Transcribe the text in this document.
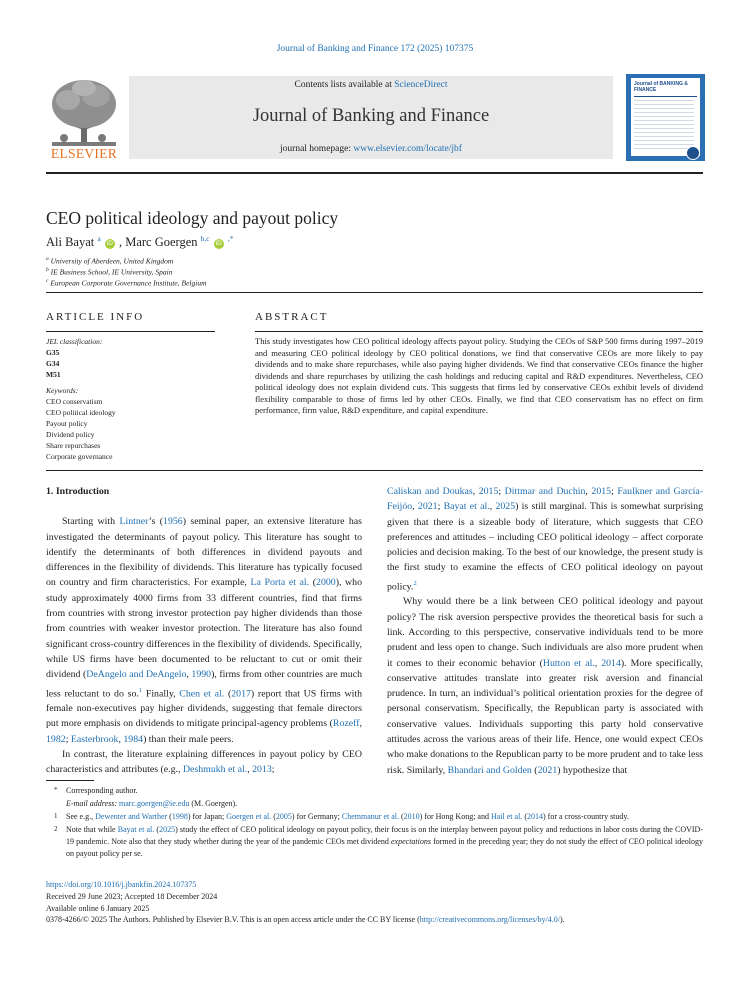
Journal of Banking and Finance 172 (2025) 107375
ELSEVIER
Contents lists available at ScienceDirect
Journal of Banking and Finance
journal homepage: www.elsevier.com/locate/jbf
Journal of BANKING & FINANCE
CEO political ideology and payout policy
Ali Bayat $^a$ iD , Marc Goergen $^{b,c}$ iD ,*
$^a$ University of Aberdeen, United Kingdom
$^b$ IE Business School, IE University, Spain
$^c$ European Corporate Governance Institute, Belgium
ARTICLE INFO
JEL classification:
G35
G34
M51
Keywords:
CEO conservatism
CEO political ideology
Payout policy
Dividend policy
Share repurchases
Corporate governance
ABSTRACT
This study investigates how CEO political ideology affects payout policy. Studying the CEOs of S&P 500 firms during 1997–2019 and measuring CEO political ideology by CEO political donations, we find that conservative CEOs are more likely to pay dividends and to make share repurchases, while also paying higher dividends. We find that conservative CEOs finance the higher dividends and share repurchases by utilizing the cash holdings and reducing capital and R&D expenditures. Nevertheless, CEO political ideology does not explain dividend cuts. This suggests that firms led by conservative CEOs exhibit levels of dividend flexibility comparable to those of firms led by other CEOs. Finally, we find that CEO conservatism has no effect on firm performance, firm value, R&D expenditure, and capital expenditure.
1. Introduction

Starting with Lintner’s (1956) seminal paper, an extensive literature has investigated the determinants of payout policy. This literature has sought to identify the determinants of both differences in dividend payouts and differences in the flexibility of dividends. This literature has typically focused on country and firm characteristics. For example, La Porta et al. (2000), who study approximately 4000 firms from 33 different countries, find that firms from countries with strong investor protection pay higher dividends than those from countries with weaker investor protection. The literature has also found significant cross-country differences in the flexibility of dividends. Specifically, while US firms have been documented to be reluctant to cut or omit their dividend (DeAngelo and DeAngelo, 1990), firms from other countries are much less reluctant to do so.$^1$ Finally, Chen et al. (2017) report that US firms with female non-executives pay higher dividends, suggesting that female directors put more emphasis on dividends to mitigate principal-agency problems (Rozeff, 1982; Easterbrook, 1984) than their male peers.

In contrast, the literature explaining differences in payout policy by CEO characteristics and attributes (e.g., Deshmukh et al., 2013;

Caliskan and Doukas, 2015; Dittmar and Duchin, 2015; Faulkner and García-Feijóo, 2021; Bayat et al., 2025) is still marginal. This is somewhat surprising given that there is a sizeable body of literature, which suggests that CEO preferences and attitudes – including CEO political ideology – affect corporate policies and decision making. To the best of our knowledge, the present study is the first study to examine the effects of CEO political ideology on payout policy.$^2$

Why would there be a link between CEO political ideology and payout policy? The risk aversion perspective provides the theoretical basis for such a link. According to this perspective, conservative individuals tend to be more prudent and less open to change. Such individuals are also more prudent when it comes to their economic behavior (Hutton et al., 2014). More specifically, conservative attitudes translate into greater risk aversion and financial prudence. In turn, an individual’s political orientation proxies for the degree of personal conservatism. Specifically, the Republican party is associated with conservative values. Individuals supporting this party hold conservative attitudes across the various areas of their life. Hence, one would expect CEOs who make donations to the Republican party to be more prudent and to take less risk. Similarly, Bhandari and Golden (2021) hypothesize that

* Corresponding author.
E-mail address: marc.goergen@ie.edu (M. Goergen).
1 See e.g., Dewenter and Warther (1998) for Japan; Goergen et al. (2005) for Germany; Chemmanur et al. (2010) for Hong Kong; and Hail et al. (2014) for a cross-country study.
2 Note that while Bayat et al. (2025) study the effect of CEO political ideology on payout policy, their focus is on the interplay between payout policy and reductions in labor costs during the COVID-19 pandemic. Note also that they study whether during the year of the pandemic CEOs met dividend expectations formed in the preceding year; they do not study the effect of CEO political ideology on payout policy per se.
https://doi.org/10.1016/j.jbankfin.2024.107375
Received 29 June 2023; Accepted 18 December 2024
Available online 6 January 2025
0378-4266/© 2025 The Authors. Published by Elsevier B.V. This is an open access article under the CC BY license (http://creativecommons.org/licenses/by/4.0/).
